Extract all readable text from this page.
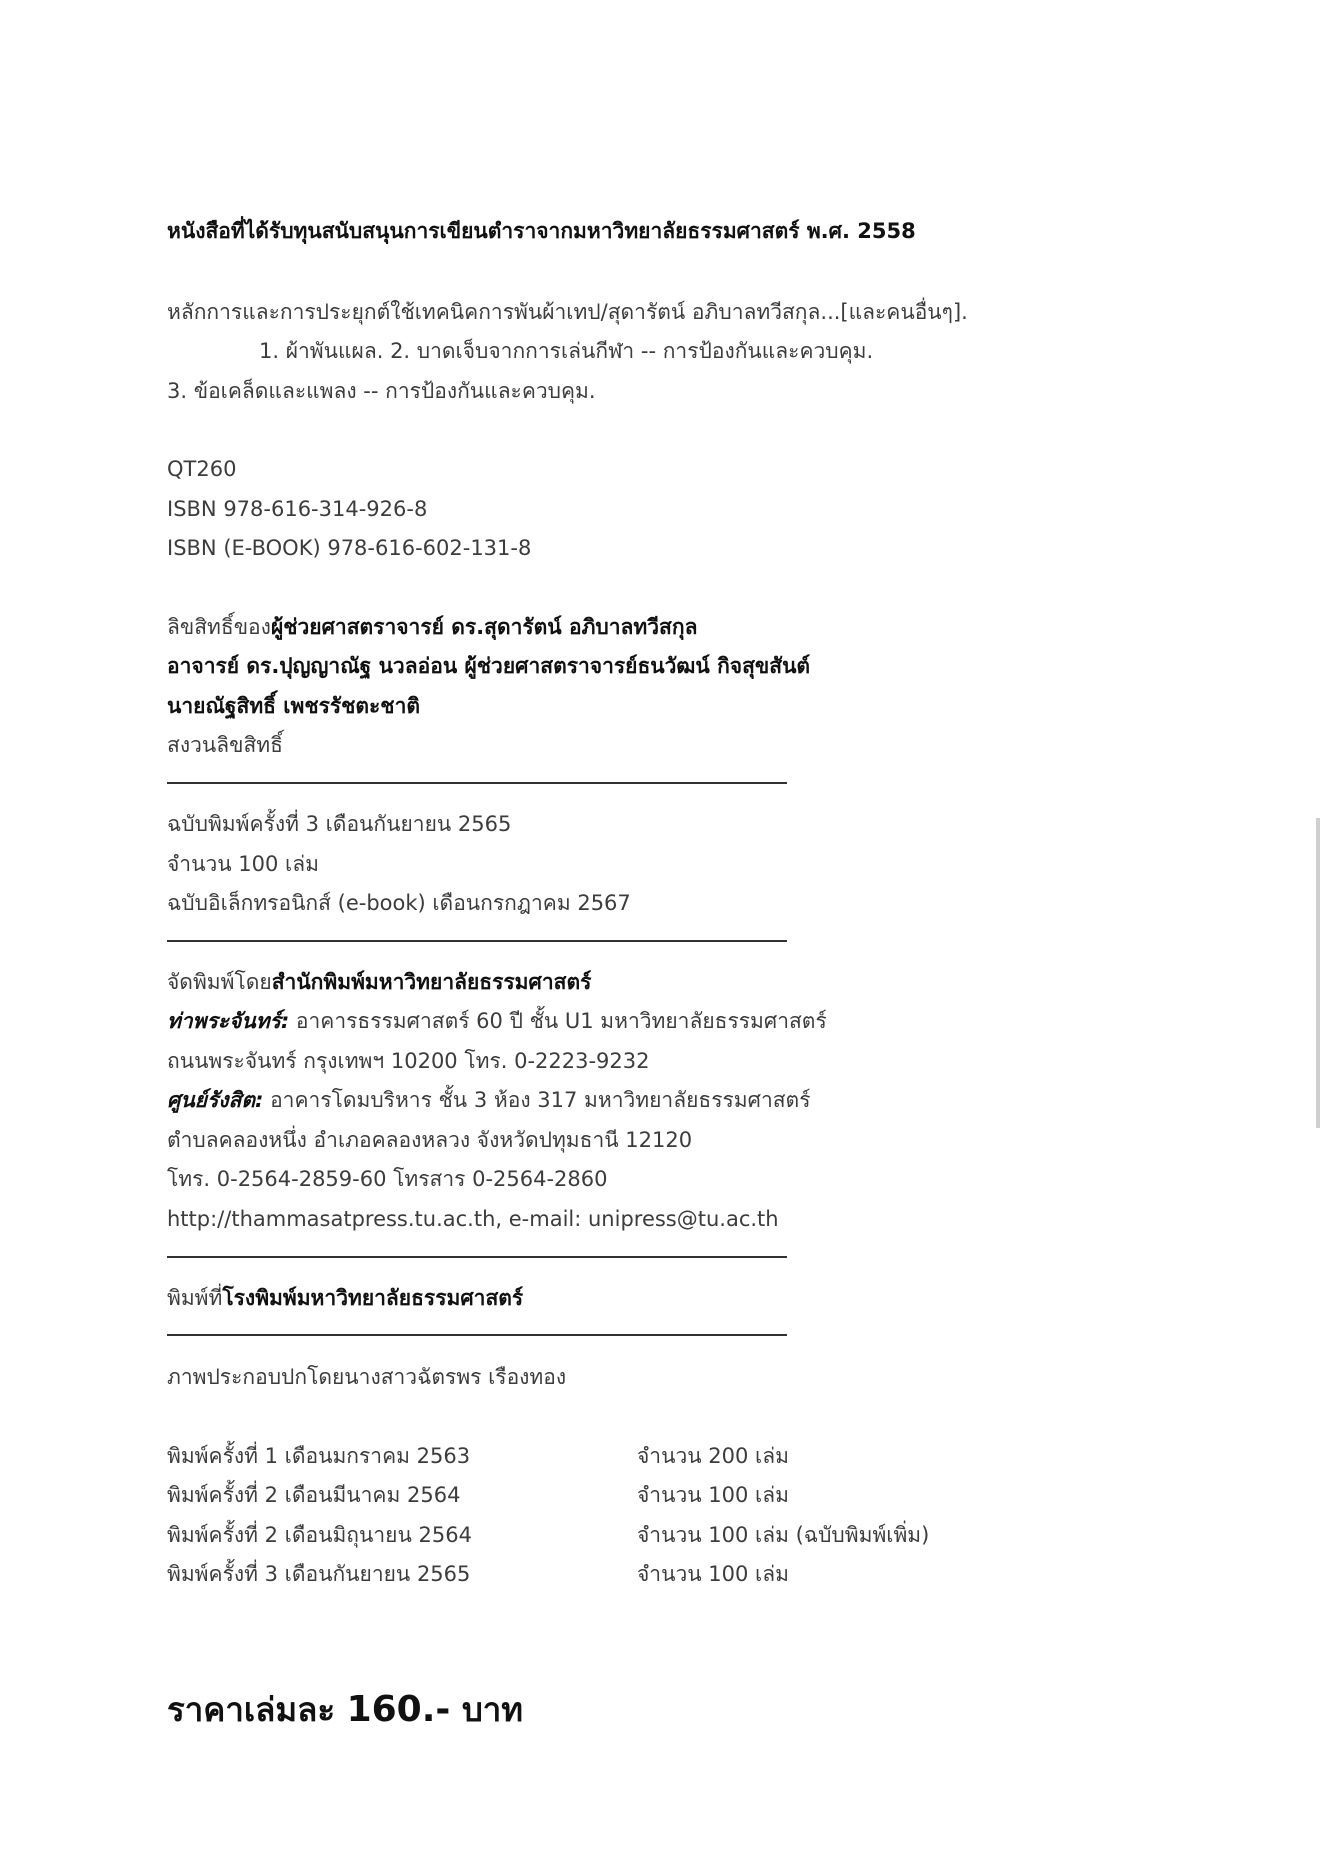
หนังสือที่ได้รับทุนสนับสนุนการเขียนตำราจากมหาวิทยาลัยธรรมศาสตร์ พ.ศ. 2558
หลักการและการประยุกต์ใช้เทคนิคการพันผ้าเทป/สุดารัตน์ อภิบาลทวีสกุล...[และคนอื่นๆ].
1. ผ้าพันแผล. 2. บาดเจ็บจากการเล่นกีฬา -- การป้องกันและควบคุม.
3. ข้อเคล็ดและแพลง -- การป้องกันและควบคุม.
QT260
ISBN 978-616-314-926-8
ISBN (E-BOOK) 978-616-602-131-8
ลิขสิทธิ์ของผู้ช่วยศาสตราจารย์ ดร.สุดารัตน์ อภิบาลทวีสกุล
อาจารย์ ดร.ปุญญาณัฐ นวลอ่อน ผู้ช่วยศาสตราจารย์ธนวัฒน์ กิจสุขสันต์
นายณัฐสิทธิ์ เพชรรัชตะชาติ
สงวนลิขสิทธิ์
ฉบับพิมพ์ครั้งที่ 3 เดือนกันยายน 2565
จำนวน 100 เล่ม
ฉบับอิเล็กทรอนิกส์ (e-book) เดือนกรกฎาคม 2567
จัดพิมพ์โดยสำนักพิมพ์มหาวิทยาลัยธรรมศาสตร์
ท่าพระจันทร์: อาคารธรรมศาสตร์ 60 ปี ชั้น U1 มหาวิทยาลัยธรรมศาสตร์
ถนนพระจันทร์ กรุงเทพฯ 10200 โทร. 0-2223-9232
ศูนย์รังสิต: อาคารโดมบริหาร ชั้น 3 ห้อง 317 มหาวิทยาลัยธรรมศาสตร์
ตำบลคลองหนึ่ง อำเภอคลองหลวง จังหวัดปทุมธานี 12120
โทร. 0-2564-2859-60 โทรสาร 0-2564-2860
http://thammasatpress.tu.ac.th, e-mail: unipress@tu.ac.th
พิมพ์ที่โรงพิมพ์มหาวิทยาลัยธรรมศาสตร์
ภาพประกอบปกโดยนางสาวฉัตรพร เรืองทอง
พิมพ์ครั้งที่ 1 เดือนมกราคม 2563	จำนวน 200 เล่ม
พิมพ์ครั้งที่ 2 เดือนมีนาคม 2564	จำนวน 100 เล่ม
พิมพ์ครั้งที่ 2 เดือนมิถุนายน 2564	จำนวน 100 เล่ม (ฉบับพิมพ์เพิ่ม)
พิมพ์ครั้งที่ 3 เดือนกันยายน 2565	จำนวน 100 เล่ม
ราคาเล่มละ 160.- บาท
